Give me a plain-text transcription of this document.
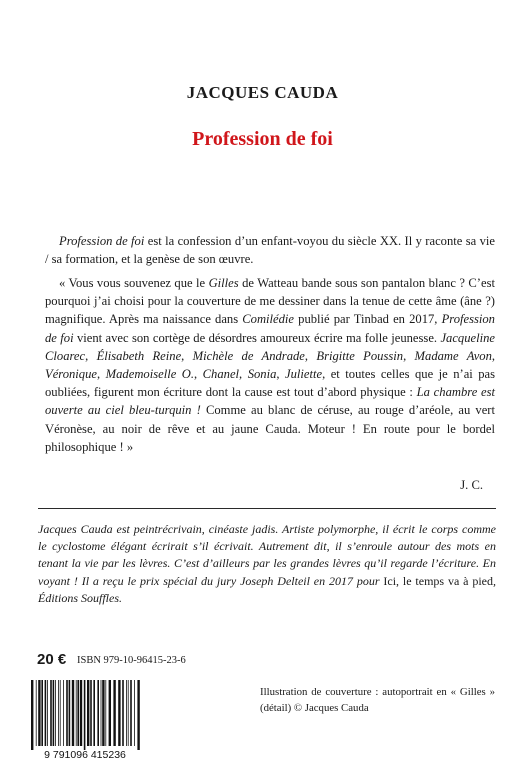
JACQUES CAUDA
Profession de foi
Profession de foi est la confession d’un enfant-voyou du siècle XX. Il y raconte sa vie / sa formation, et la genèse de son œuvre.
« Vous vous souvenez que le Gilles de Watteau bande sous son pantalon blanc ? C’est pourquoi j’ai choisi pour la couverture de me dessiner dans la tenue de cette âme (âne ?) magnifique. Après ma naissance dans Comilédie publié par Tinbad en 2017, Profession de foi vient avec son cortège de désordres amoureux écrire ma folle jeunesse. Jacqueline Cloarec, Élisabeth Reine, Michèle de Andrade, Brigitte Poussin, Madame Avon, Véronique, Mademoiselle O., Chanel, Sonia, Juliette, et toutes celles que je n’ai pas oubliées, figurent mon écriture dont la cause est tout d’abord physique : La chambre est ouverte au ciel bleu-turquin ! Comme au blanc de céruse, au rouge d’aréole, au vert Véronèse, au noir de rêve et au jaune Cauda. Moteur ! En route pour le bordel philosophique ! »
J. C.
Jacques Cauda est peintrécrivain, cinéaste jadis. Artiste polymorphe, il écrit le corps comme le cyclostome élégant écrirait s’il écrivait. Autrement dit, il s’enroule autour des mots en tenant la vie par les lèvres. C’est d’ailleurs par les grandes lèvres qu’il regarde l’écriture. En voyant ! Il a reçu le prix spécial du jury Joseph Delteil en 2017 pour Ici, le temps va à pied, Éditions Souffles.
20 € ISBN 979-10-96415-23-6
9 791096 415236
Illustration de couverture : autoportrait en « Gilles » (détail) © Jacques Cauda
